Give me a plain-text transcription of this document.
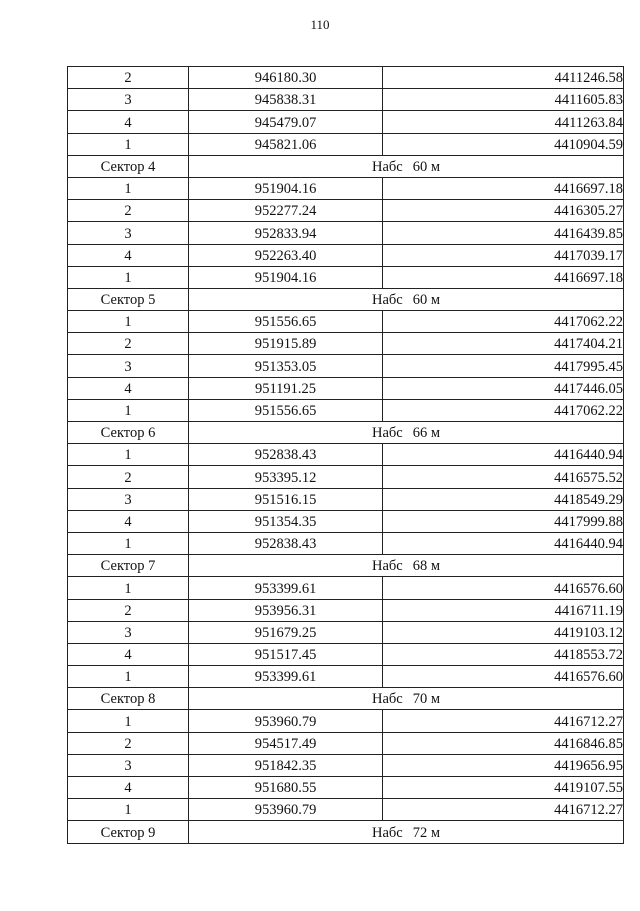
110
2	946180.30	4411246.58
3	945838.31	4411605.83
4	945479.07	4411263.84
1	945821.06	4410904.59
Сектор 4	Набс 60 м	
1	951904.16	4416697.18
2	952277.24	4416305.27
3	952833.94	4416439.85
4	952263.40	4417039.17
1	951904.16	4416697.18
Сектор 5	Набс 60 м	
1	951556.65	4417062.22
2	951915.89	4417404.21
3	951353.05	4417995.45
4	951191.25	4417446.05
1	951556.65	4417062.22
Сектор 6	Набс 66 м	
1	952838.43	4416440.94
2	953395.12	4416575.52
3	951516.15	4418549.29
4	951354.35	4417999.88
1	952838.43	4416440.94
Сектор 7	Набс 68 м	
1	953399.61	4416576.60
2	953956.31	4416711.19
3	951679.25	4419103.12
4	951517.45	4418553.72
1	953399.61	4416576.60
Сектор 8	Набс 70 м	
1	953960.79	4416712.27
2	954517.49	4416846.85
3	951842.35	4419656.95
4	951680.55	4419107.55
1	953960.79	4416712.27
Сектор 9	Набс 72 м	
